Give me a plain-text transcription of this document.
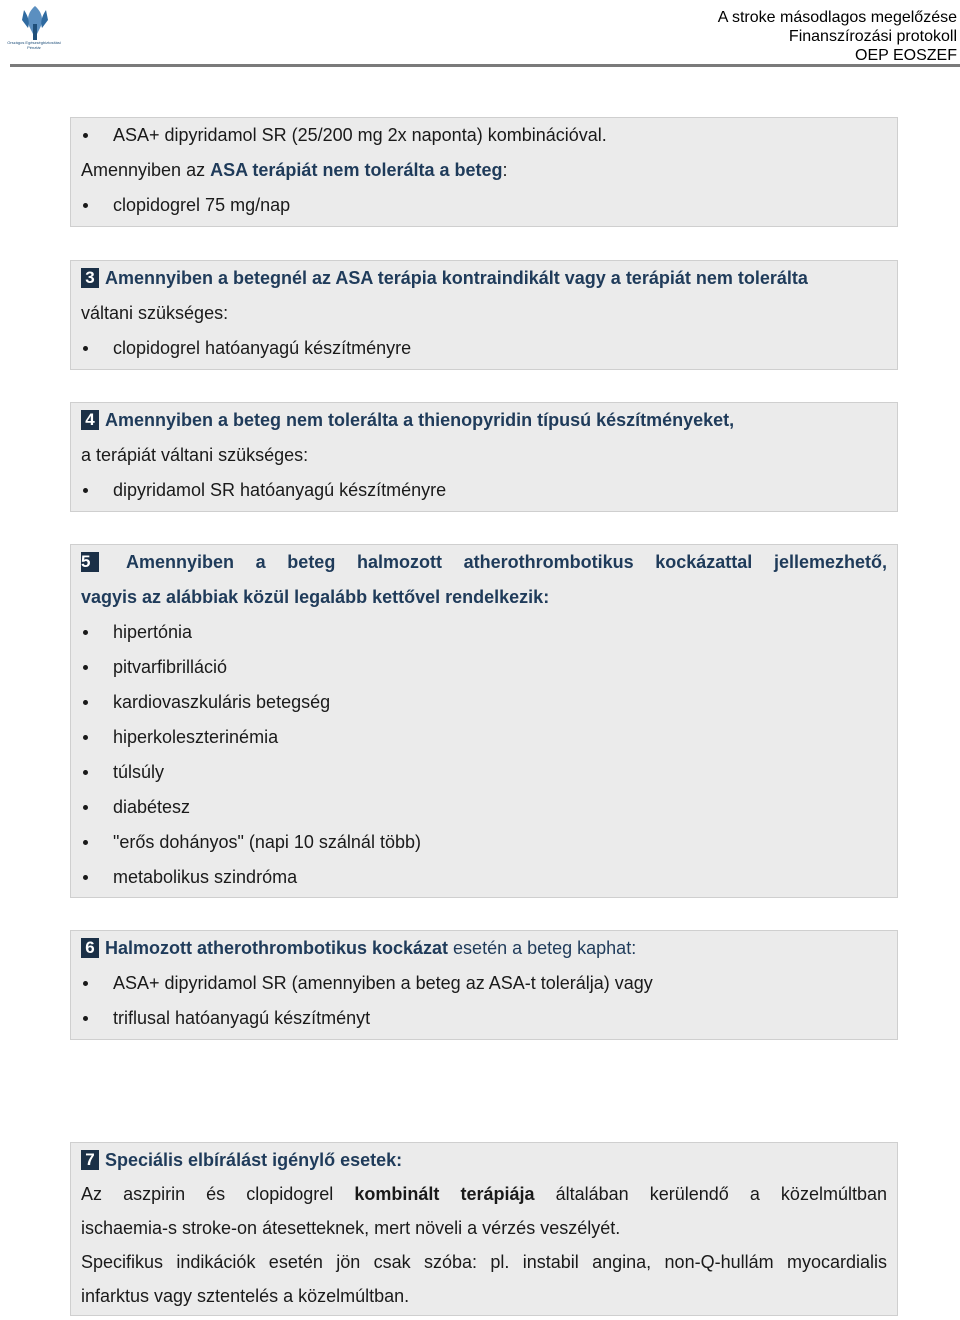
Országos Egészségbiztosítási Pénztár
A stroke másodlagos megelőzése
Finanszírozási protokoll
OEP EOSZEF
ASA+ dipyridamol SR (25/200 mg 2x naponta) kombinációval.
Amennyiben az ASA terápiát nem tolerálta a beteg:
clopidogrel 75 mg/nap
3 Amennyiben a betegnél az ASA terápia kontraindikált vagy a terápiát nem tolerálta
váltani szükséges:
clopidogrel hatóanyagú készítményre
4 Amennyiben a beteg nem tolerálta a thienopyridin típusú készítményeket,
a terápiát váltani szükséges:
dipyridamol SR hatóanyagú készítményre
5 Amennyiben a beteg halmozott atherothrombotikus kockázattal jellemezhető,
vagyis az alábbiak közül legalább kettővel rendelkezik:
hipertónia
pitvarfibrilláció
kardiovaszkuláris betegség
hiperkoleszterinémia
túlsúly
diabétesz
"erős dohányos" (napi 10 szálnál több)
metabolikus szindróma
6 Halmozott atherothrombotikus kockázat esetén a beteg kaphat:
ASA+ dipyridamol SR (amennyiben a beteg az ASA-t tolerálja) vagy
triflusal hatóanyagú készítményt
7 Speciális elbírálást igénylő esetek:
Az aszpirin és clopidogrel kombinált terápiája általában kerülendő a közelmúltban
ischaemia-s stroke-on átesetteknek, mert növeli a vérzés veszélyét.
Specifikus indikációk esetén jön csak szóba: pl. instabil angina, non-Q-hullám myocardialis
infarktus vagy sztentelés a közelmúltban.
